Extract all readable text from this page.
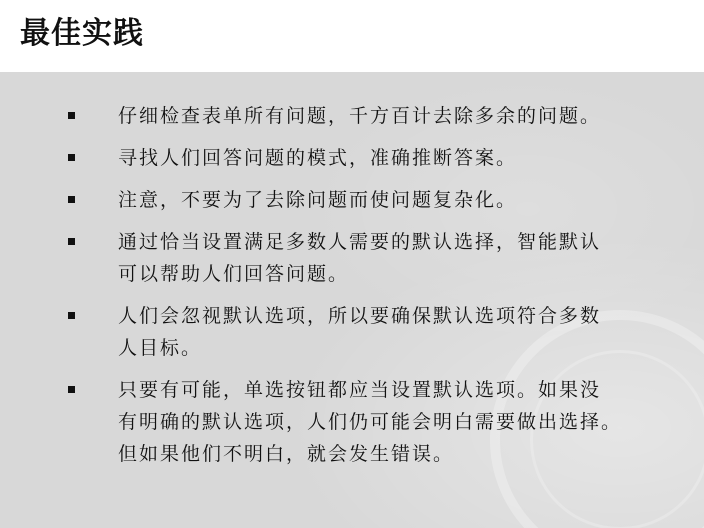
最佳实践
仔细检查表单所有问题，千方百计去除多余的问题。
寻找人们回答问题的模式，准确推断答案。
注意，不要为了去除问题而使问题复杂化。
通过恰当设置满足多数人需要的默认选择，智能默认
可以帮助人们回答问题。
人们会忽视默认选项，所以要确保默认选项符合多数
人目标。
只要有可能，单选按钮都应当设置默认选项。如果没
有明确的默认选项，人们仍可能会明白需要做出选择。
但如果他们不明白，就会发生错误。
